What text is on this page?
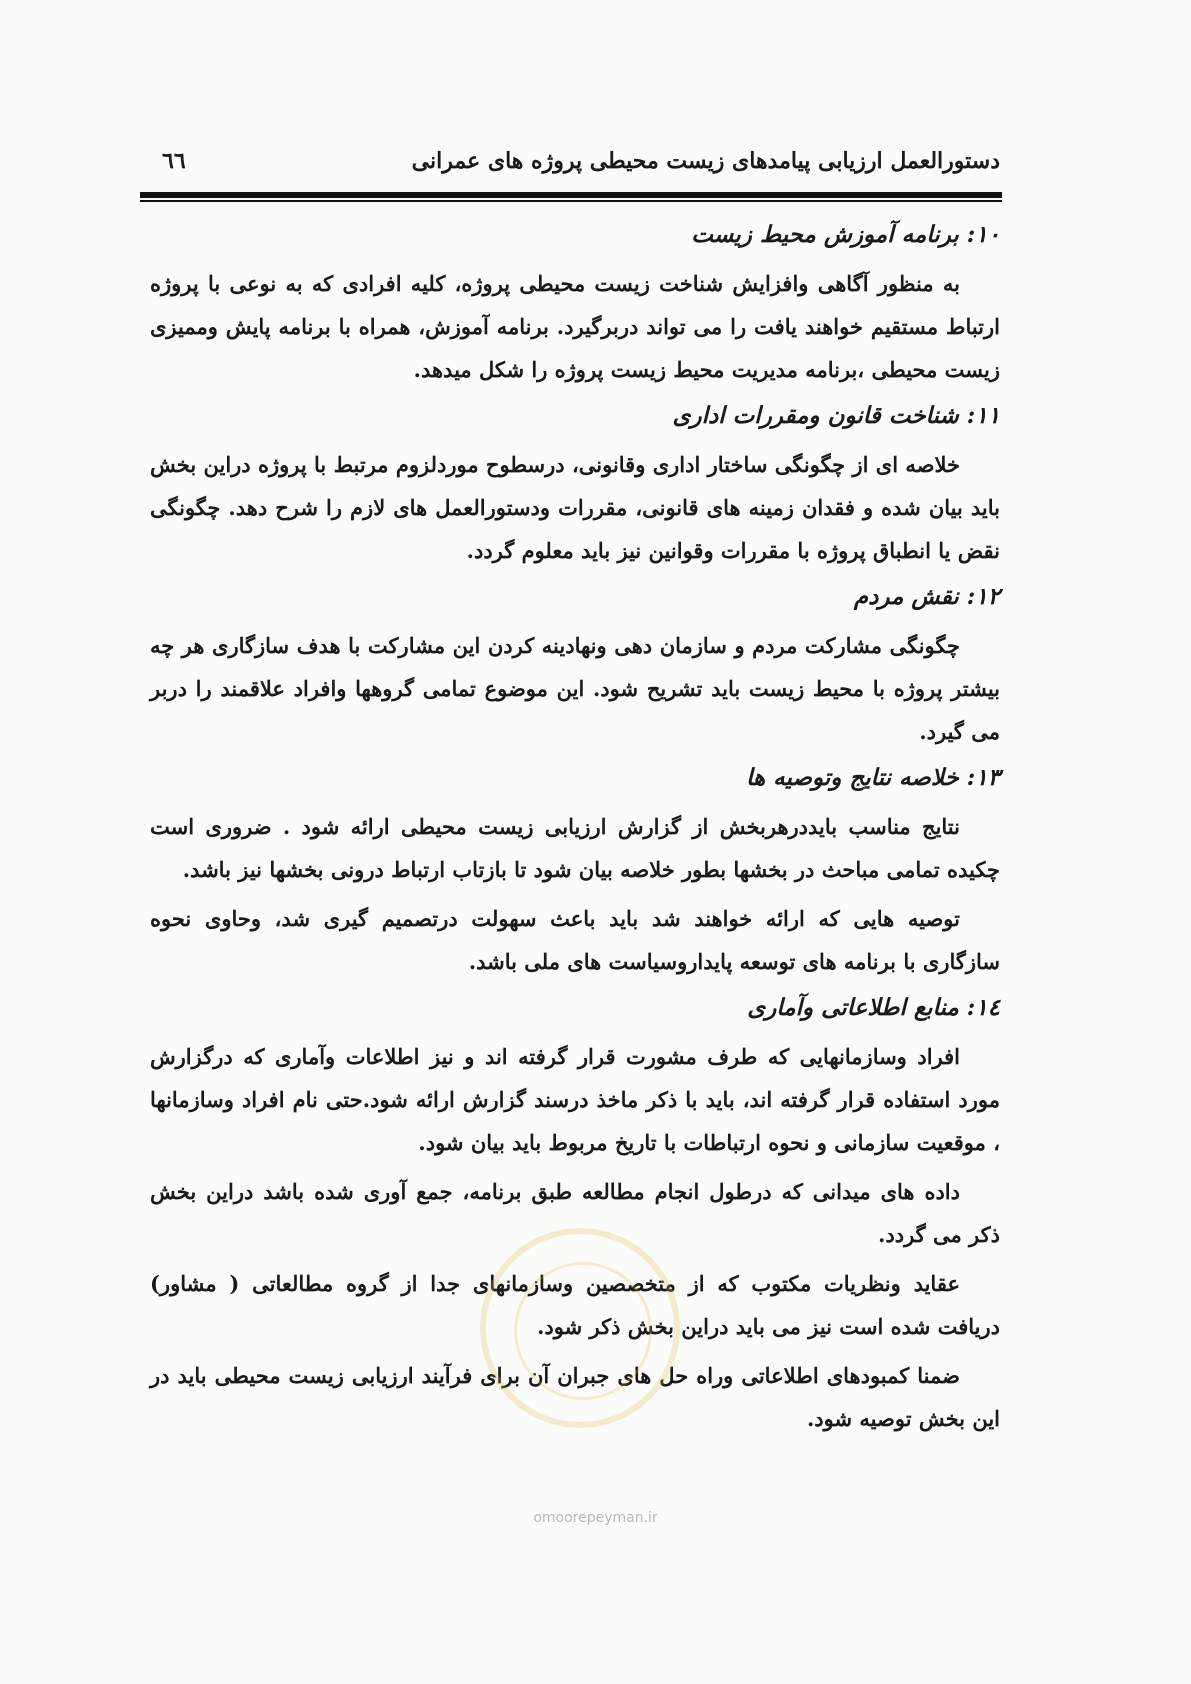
دستورالعمل ارزیابی پیامدهای زیست محیطی پروژه های عمرانی
٦٦
۱۰: برنامه آموزش محیط زیست

به منظور آگاهی وافزایش شناخت زیست محیطی پروژه، کلیه افرادی که به نوعی با پروژه ارتباط مستقیم خواهند یافت را می تواند دربرگیرد. برنامه آموزش، همراه با برنامه پایش وممیزی زیست محیطی ،برنامه مدیریت محیط زیست پروژه را شکل میدهد.

۱۱: شناخت قانون ومقررات اداری

خلاصه ای از چگونگی ساختار اداری وقانونی، درسطوح موردلزوم مرتبط با پروژه دراین بخش باید بیان شده و فقدان زمینه های قانونی، مقررات ودستورالعمل های لازم را شرح دهد. چگونگی نقض یا انطباق پروژه با مقررات وقوانین نیز باید معلوم گردد.

۱۲: نقش مردم

چگونگی مشارکت مردم و سازمان دهی ونهادینه کردن این مشارکت با هدف سازگاری هر چه بیشتر پروژه با محیط زیست باید تشریح شود. این موضوع تمامی گروهها وافراد علاقمند را دربر می گیرد.

۱۳: خلاصه نتایج وتوصیه ها

نتایج مناسب بایددرهربخش از گزارش ارزیابی زیست محیطی ارائه شود . ضروری است چکیده تمامی مباحث در بخشها بطور خلاصه بیان شود تا بازتاب ارتباط درونی بخشها نیز باشد.

توصیه هایی که ارائه خواهند شد باید باعث سهولت درتصمیم گیری شد، وحاوی نحوه سازگاری با برنامه های توسعه پایداروسیاست های ملی باشد.

۱٤: منابع اطلاعاتی وآماری

افراد وسازمانهایی که طرف مشورت قرار گرفته اند و نیز اطلاعات وآماری که درگزارش مورد استفاده قرار گرفته اند، باید با ذکر ماخذ درسند گزارش ارائه شود.حتی نام افراد وسازمانها ، موقعیت سازمانی و نحوه ارتباطات با تاریخ مربوط باید بیان شود.

داده های میدانی که درطول انجام مطالعه طبق برنامه، جمع آوری شده باشد دراین بخش ذکر می گردد.

عقاید ونظریات مکتوب که از متخصصین وسازمانهای جدا از گروه مطالعاتی ( مشاور) دریافت شده است نیز می باید دراین بخش ذکر شود.

ضمنا کمبودهای اطلاعاتی وراه حل های جبران آن برای فرآیند ارزیابی زیست محیطی باید در این بخش توصیه شود.

omoorepeyman.ir
